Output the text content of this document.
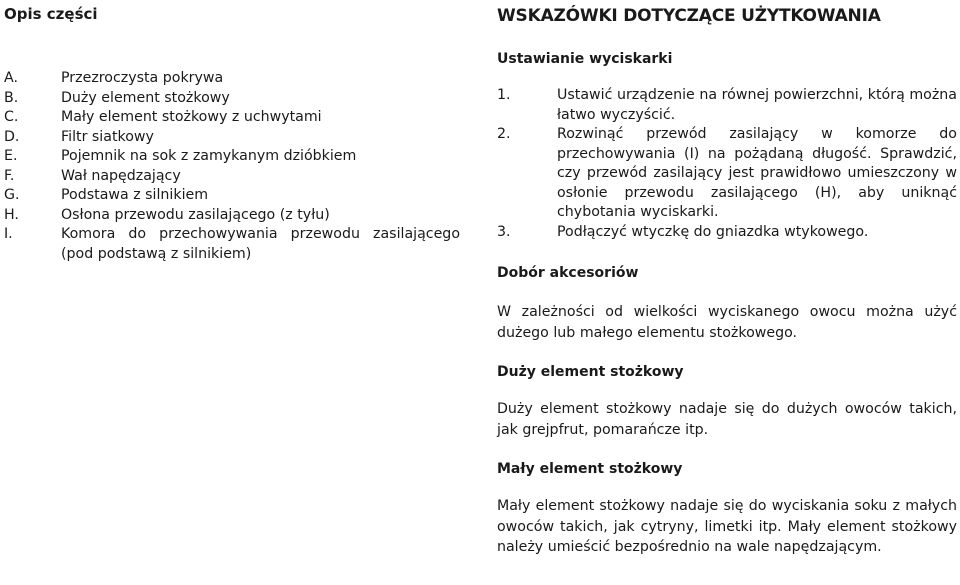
Opis części
A.	Przezroczysta pokrywa
B.	Duży element stożkowy
C.	Mały element stożkowy z uchwytami
D.	Filtr siatkowy
E.	Pojemnik na sok z zamykanym dzióbkiem
F.	Wał napędzający
G.	Podstawa z silnikiem
H.	Osłona przewodu zasilającego (z tyłu)
I.	Komora do przechowywania przewodu zasilającego (pod podstawą z silnikiem)
WSKAZÓWKI DOTYCZĄCE UŻYTKOWANIA
Ustawianie wyciskarki
1.	Ustawić urządzenie na równej powierzchni, którą można łatwo wyczyścić.
2.	Rozwinąć przewód zasilający w komorze do przechowywania (I) na pożądaną długość. Sprawdzić, czy przewód zasilający jest prawidłowo umieszczony w osłonie przewodu zasilającego (H), aby uniknąć chybotania wyciskarki.
3.	Podłączyć wtyczkę do gniazdka wtykowego.
Dobór akcesoriów

W zależności od wielkości wyciskanego owocu można użyć dużego lub małego elementu stożkowego.

Duży element stożkowy

Duży element stożkowy nadaje się do dużych owoców takich, jak grejpfrut, pomarańcze itp.

Mały element stożkowy

Mały element stożkowy nadaje się do wyciskania soku z małych owoców takich, jak cytryny, limetki itp. Mały element stożkowy należy umieścić bezpośrednio na wale napędzającym.
